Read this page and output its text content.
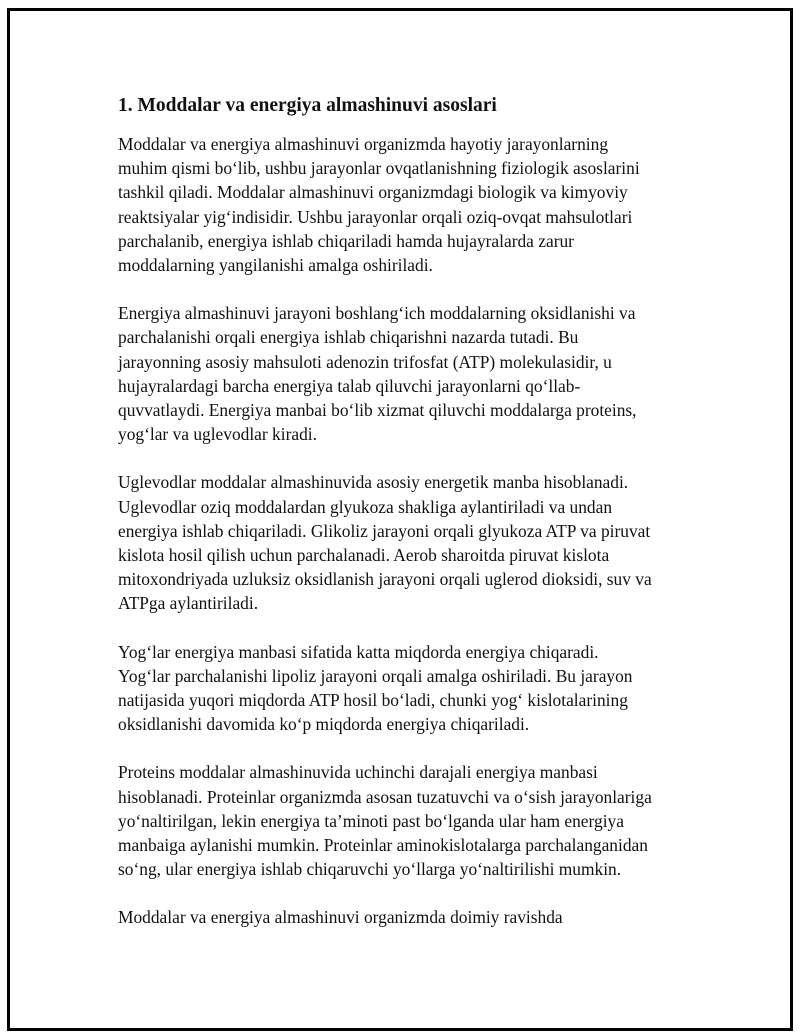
1. Moddalar va energiya almashinuvi asoslari

Moddalar va energiya almashinuvi organizmda hayotiy jarayonlarning
muhim qismi bo‘lib, ushbu jarayonlar ovqatlanishning fiziologik asoslarini
tashkil qiladi. Moddalar almashinuvi organizmdagi biologik va kimyoviy
reaktsiyalar yig‘indisidir. Ushbu jarayonlar orqali oziq-ovqat mahsulotlari
parchalanib, energiya ishlab chiqariladi hamda hujayralarda zarur
moddalarning yangilanishi amalga oshiriladi.

Energiya almashinuvi jarayoni boshlang‘ich moddalarning oksidlanishi va
parchalanishi orqali energiya ishlab chiqarishni nazarda tutadi. Bu
jarayonning asosiy mahsuloti adenozin trifosfat (ATP) molekulasidir, u
hujayralardagi barcha energiya talab qiluvchi jarayonlarni qo‘llab-
quvvatlaydi. Energiya manbai bo‘lib xizmat qiluvchi moddalarga proteins,
yog‘lar va uglevodlar kiradi.

Uglevodlar moddalar almashinuvida asosiy energetik manba hisoblanadi.
Uglevodlar oziq moddalardan glyukoza shakliga aylantiriladi va undan
energiya ishlab chiqariladi. Glikoliz jarayoni orqali glyukoza ATP va piruvat
kislota hosil qilish uchun parchalanadi. Aerob sharoitda piruvat kislota
mitoxondriyada uzluksiz oksidlanish jarayoni orqali uglerod dioksidi, suv va
ATPga aylantiriladi.

Yog‘lar energiya manbasi sifatida katta miqdorda energiya chiqaradi.
Yog‘lar parchalanishi lipoliz jarayoni orqali amalga oshiriladi. Bu jarayon
natijasida yuqori miqdorda ATP hosil bo‘ladi, chunki yog‘ kislotalarining
oksidlanishi davomida ko‘p miqdorda energiya chiqariladi.

Proteins moddalar almashinuvida uchinchi darajali energiya manbasi
hisoblanadi. Proteinlar organizmda asosan tuzatuvchi va o‘sish jarayonlariga
yo‘naltirilgan, lekin energiya ta’minoti past bo‘lganda ular ham energiya
manbaiga aylanishi mumkin. Proteinlar aminokislotalarga parchalanganidan
so‘ng, ular energiya ishlab chiqaruvchi yo‘llarga yo‘naltirilishi mumkin.

Moddalar va energiya almashinuvi organizmda doimiy ravishda
